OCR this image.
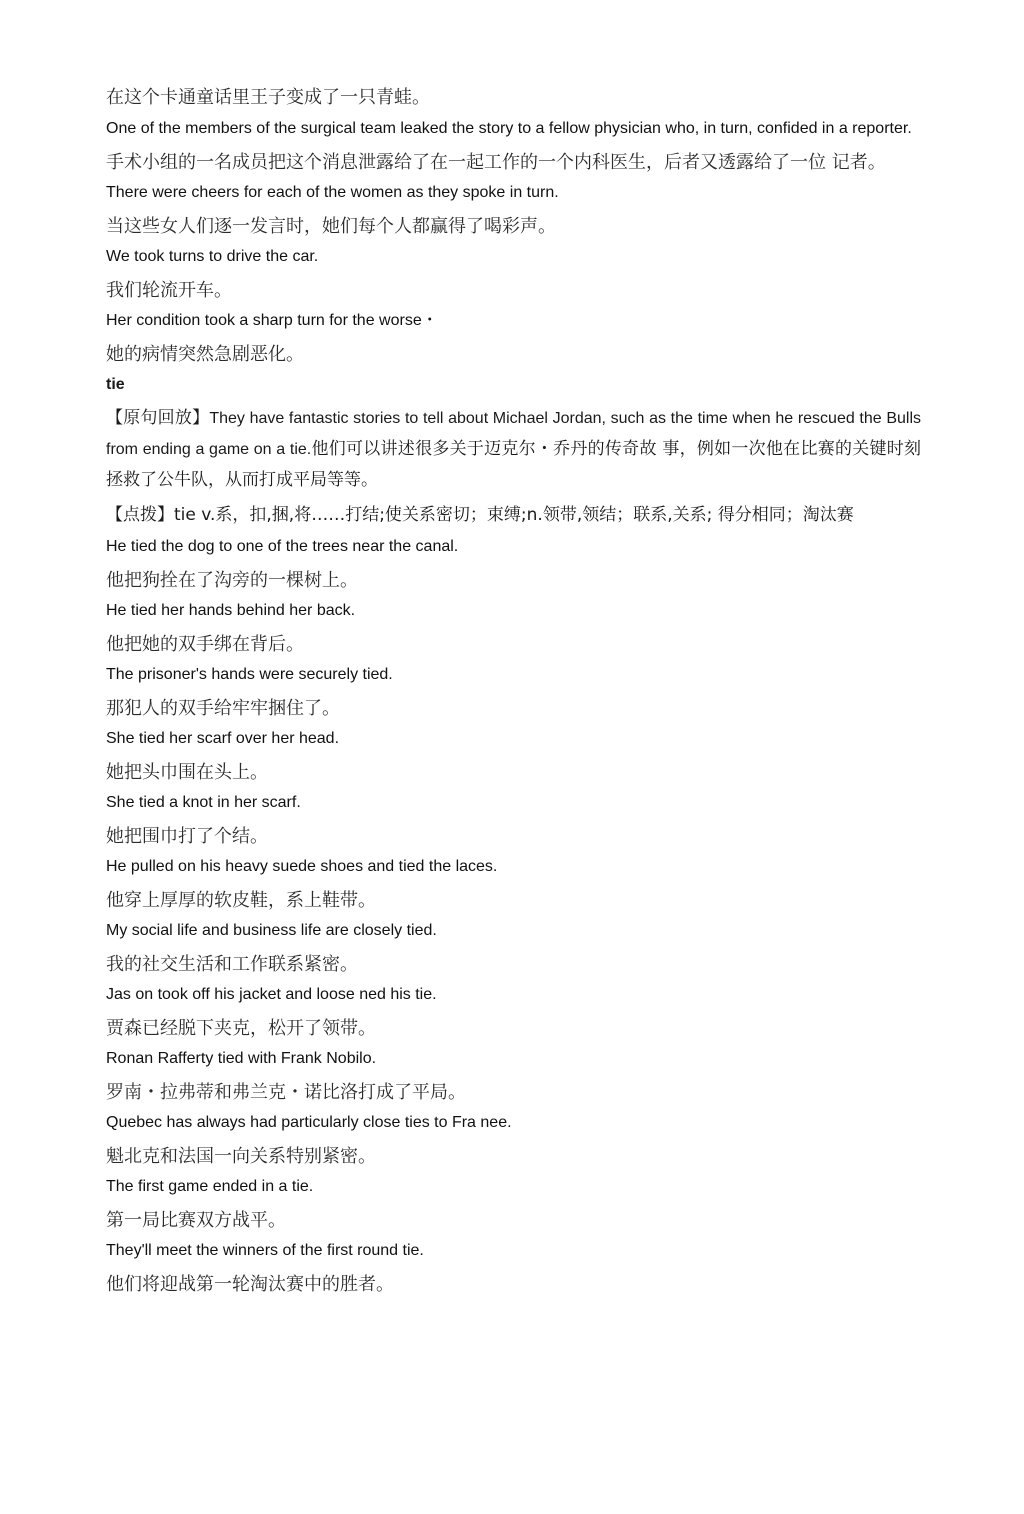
在这个卡通童话里王子变成了一只青蛙。

One of the members of the surgical team leaked the story to a fellow physician who, in turn, confided in a reporter.

手术小组的一名成员把这个消息泄露给了在一起工作的一个内科医生，后者又透露给了一位 记者。

There were cheers for each of the women as they spoke in turn.

当这些女人们逐一发言时，她们每个人都赢得了喝彩声。

We took turns to drive the car.

我们轮流开车。

Her condition took a sharp turn for the worse・

她的病情突然急剧恶化。

tie

【原句回放】They have fantastic stories to tell about Michael Jordan, such as the time when he rescued the Bulls from ending a game on a tie.他们可以讲述很多关于迈克尔・乔丹的传奇故 事，例如一次他在比赛的关键时刻拯救了公牛队，从而打成平局等等。

【点拨】tie v.系，扣,捆,将……打结;使关系密切；束缚;n.领带,领结；联系,关系; 得分相同；淘汰赛

He tied the dog to one of the trees near the canal.

他把狗拴在了沟旁的一棵树上。

He tied her hands behind her back.

他把她的双手绑在背后。

The prisoner's hands were securely tied.

那犯人的双手给牢牢捆住了。

She tied her scarf over her head.

她把头巾围在头上。

She tied a knot in her scarf.

她把围巾打了个结。

He pulled on his heavy suede shoes and tied the laces.

他穿上厚厚的软皮鞋，系上鞋带。

My social life and business life are closely tied.

我的社交生活和工作联系紧密。

Jas on took off his jacket and loose ned his tie.

贾森已经脱下夹克，松开了领带。

Ronan Rafferty tied with Frank Nobilo.

罗南・拉弗蒂和弗兰克・诺比洛打成了平局。

Quebec has always had particularly close ties to Fra nee.

魁北克和法国一向关系特别紧密。

The first game ended in a tie.

第一局比赛双方战平。

They'll meet the winners of the first round tie.

他们将迎战第一轮淘汰赛中的胜者。
